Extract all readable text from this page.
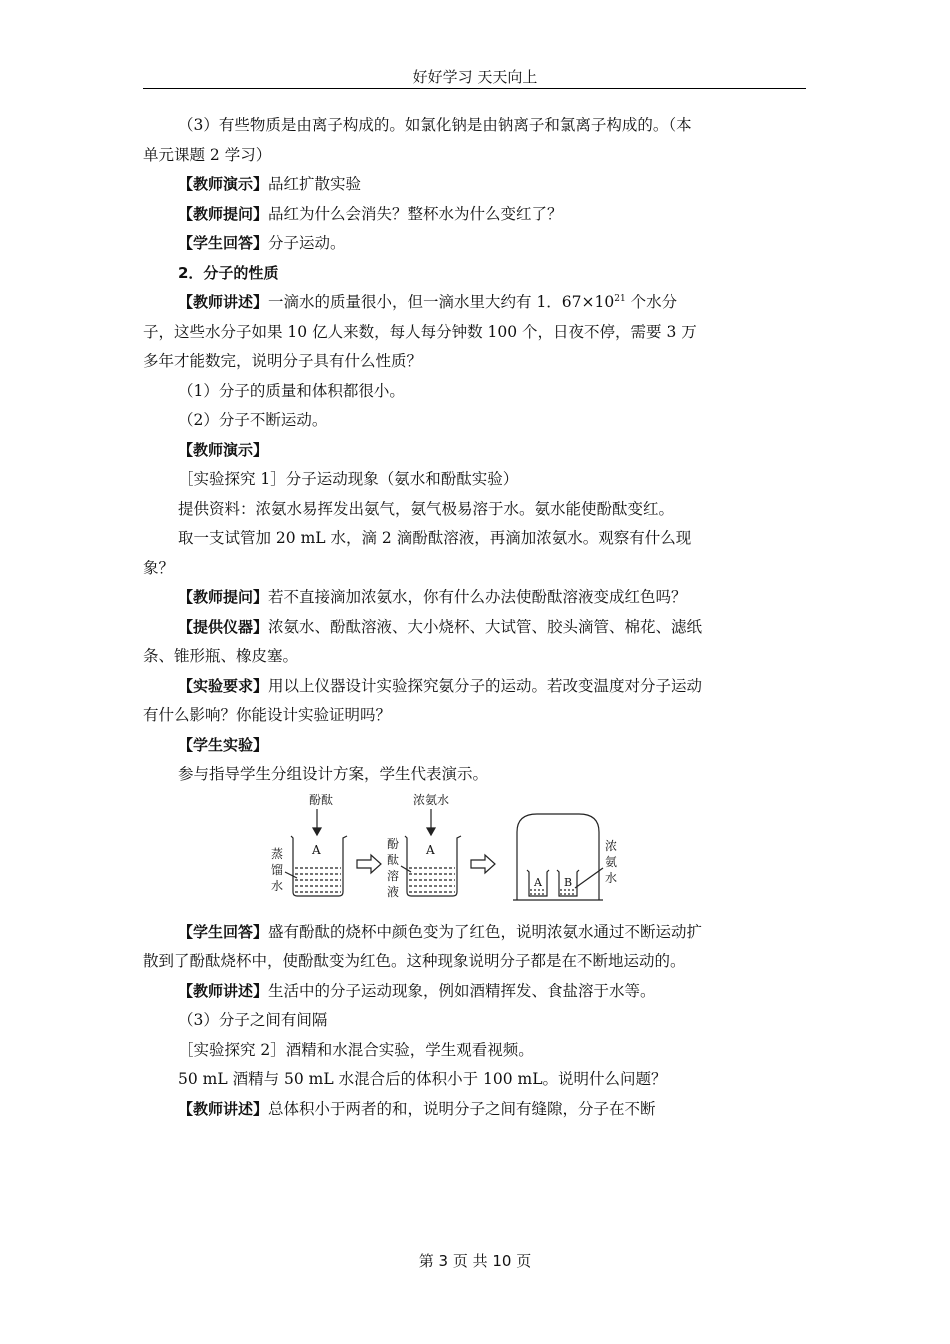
好好学习 天天向上

（3）有些物质是由离子构成的。如氯化钠是由钠离子和氯离子构成的。（本单元课题 2 学习）

【教师演示】品红扩散实验

【教师提问】品红为什么会消失？整杯水为什么变红了？

【学生回答】分子运动。

2．分子的性质

【教师讲述】一滴水的质量很小，但一滴水里大约有 1．$67\times 10^{21}$ 个水分子，这些水分子如果 10 亿人来数，每人每分钟数 100 个，日夜不停，需要 3 万多年才能数完，说明分子具有什么性质？

（1）分子的质量和体积都很小。

（2）分子不断运动。

【教师演示】

［实验探究 1］分子运动现象（氨水和酚酞实验）

提供资料：浓氨水易挥发出氨气，氨气极易溶于水。氨水能使酚酞变红。

取一支试管加 20 mL 水，滴 2 滴酚酞溶液，再滴加浓氨水。观察有什么现象？

【教师提问】若不直接滴加浓氨水，你有什么办法使酚酞溶液变成红色吗？

【提供仪器】浓氨水、酚酞溶液、大小烧杯、大试管、胶头滴管、棉花、滤纸条、锥形瓶、橡皮塞。

【实验要求】用以上仪器设计实验探究氨分子的运动。若改变温度对分子运动有什么影响？你能设计实验证明吗？

【学生实验】

参与指导学生分组设计方案，学生代表演示。

酚酞
A
蒸
馏
水
浓氨水
A
酚
酞
溶
液
A B
浓
氨
水

【学生回答】盛有酚酞的烧杯中颜色变为了红色，说明浓氨水通过不断运动扩散到了酚酞烧杯中，使酚酞变为红色。这种现象说明分子都是在不断地运动的。

【教师讲述】生活中的分子运动现象，例如酒精挥发、食盐溶于水等。

（3）分子之间有间隔

［实验探究 2］酒精和水混合实验，学生观看视频。

50 mL 酒精与 50 mL 水混合后的体积小于 100 mL。说明什么问题？

【教师讲述】总体积小于两者的和，说明分子之间有缝隙，分子在不断

第 3 页 共 10 页
